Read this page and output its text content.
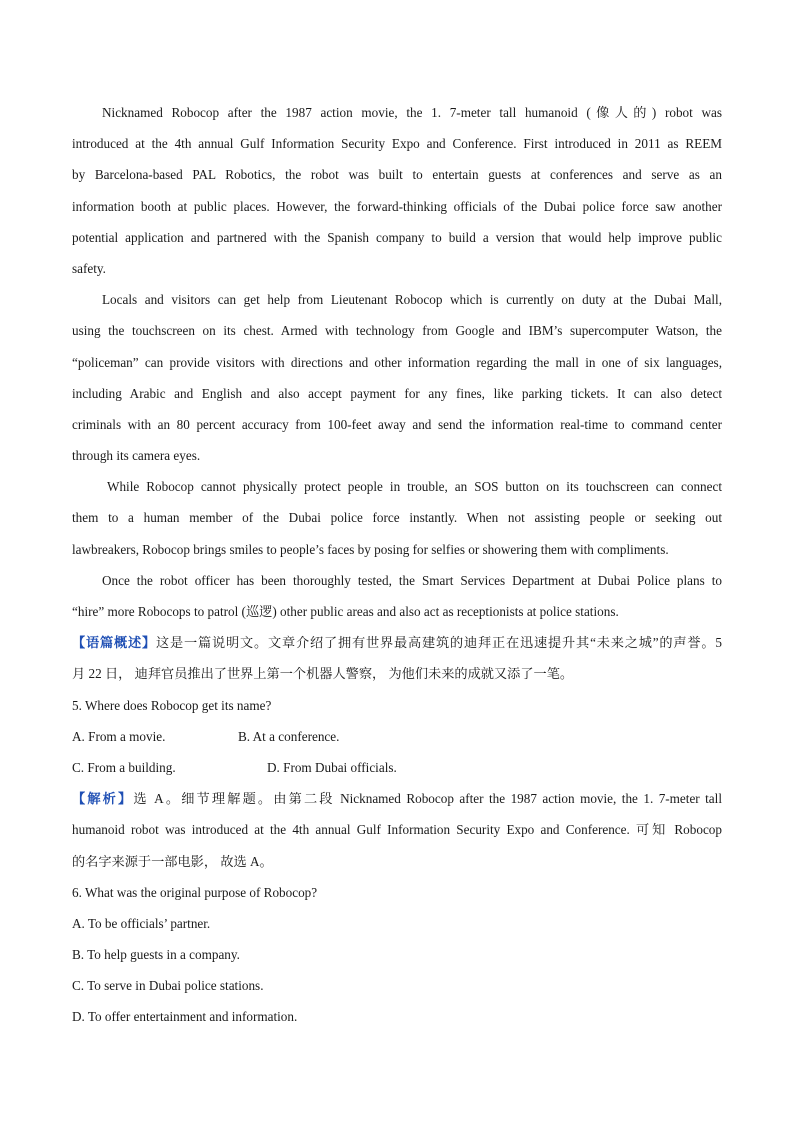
Nicknamed Robocop after the 1987 action movie, the 1. 7-meter tall humanoid (像人的) robot was
introduced at the 4th annual Gulf Information Security Expo and Conference. First introduced in 2011 as REEM
by Barcelona-based PAL Robotics, the robot was built to entertain guests at conferences and serve as an
information booth at public places. However, the forward-thinking officials of the Dubai police force saw another
potential application and partnered with the Spanish company to build a version that would help improve public
safety.
Locals and visitors can get help from Lieutenant Robocop which is currently on duty at the Dubai Mall,
using the touchscreen on its chest. Armed with technology from Google and IBM’s supercomputer Watson, the
“policeman” can provide visitors with directions and other information regarding the mall in one of six languages,
including Arabic and English and also accept payment for any fines, like parking tickets. It can also detect
criminals with an 80 percent accuracy from 100-feet away and send the information real-time to command center
through its camera eyes.
While Robocop cannot physically protect people in trouble, an SOS button on its touchscreen can connect
them to a human member of the Dubai police force instantly. When not assisting people or seeking out
lawbreakers, Robocop brings smiles to people’s faces by posing for selfies or showering them with compliments.
Once the robot officer has been thoroughly tested, the Smart Services Department at Dubai Police plans to
“hire” more Robocops to patrol (巡逻) other public areas and also act as receptionists at police stations.
【语篇概述】这是一篇说明文。文章介绍了拥有世界最高建筑的迪拜正在迅速提升其“未来之城”的声誉。5
月 22 日， 迪拜官员推出了世界上第一个机器人警察， 为他们未来的成就又添了一笔。
5. Where does Robocop get its name?
A. From a movie.	B. At a conference.
C. From a building.	D. From Dubai officials.
【解析】选 A。细节理解题。由第二段 Nicknamed Robocop after the 1987 action movie, the 1. 7-meter tall
humanoid robot was introduced at the 4th annual Gulf Information Security Expo and Conference. 可知 Robocop
的名字来源于一部电影， 故选 A。
6. What was the original purpose of Robocop?
A. To be officials’ partner.
B. To help guests in a company.
C. To serve in Dubai police stations.
D. To offer entertainment and information.
